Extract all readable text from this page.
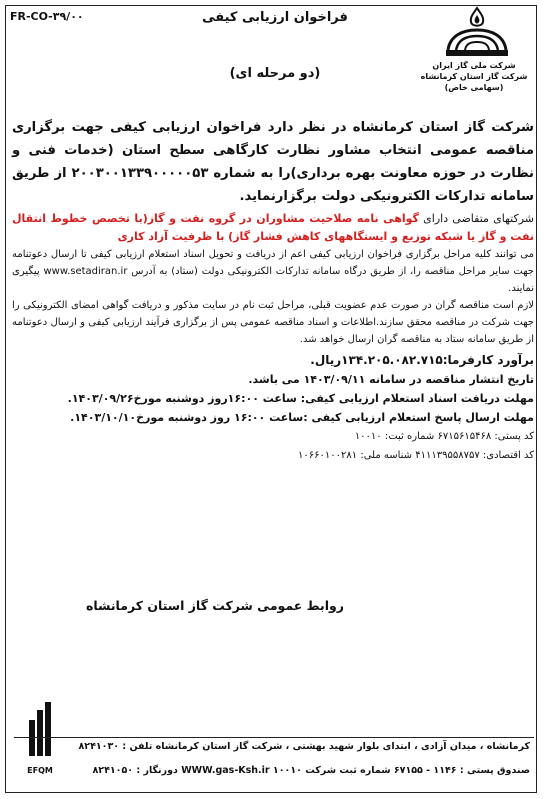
FR-CO-۳۹/۰۰	فراخوان ارزیابی کیفی
(دو مرحله ای)
شرکت ملی گاز ایران
شرکت گاز استان کرمانشاه
(سهامی خاص)

شرکت گاز استان کرمانشاه در نظر دارد فراخوان ارزیابی کیفی جهت برگزاری مناقصه عمومی انتخاب مشاور نظارت کارگاهی سطح استان (خدمات فنی و نظارت در حوزه معاونت بهره برداری)را به شماره ۲۰۰۳۰۰۱۳۳۹۰۰۰۰۰۵۳ از طریق سامانه تدارکات الکترونیکی دولت برگزارنماید.

شرکتهای متقاضی دارای گواهی نامه صلاحیت مشاوران در گروه نفت و گاز(با تخصص خطوط انتقال نفت و گاز یا شبکه توزیع و ایستگاههای کاهش فشار گاز) با ظرفیت آزاد کاری

می توانند کلیه مراحل برگزاری فراخوان ارزیابی کیفی اعم از دریافت و تحویل اسناد استعلام ارزیابی کیفی تا ارسال دعوتنامه جهت سایر مراحل مناقصه را، از طریق درگاه سامانه تدارکات الکترونیکی دولت (ستاد) به آدرس www.setadiran.ir پیگیری نمایند.

لازم است مناقصه گران در صورت عدم عضویت قبلی، مراحل ثبت نام در سایت مذکور و دریافت گواهی امضای الکترونیکی را جهت شرکت در مناقصه محقق سازند.اطلاعات و اسناد مناقصه عمومی پس از برگزاری فرآیند ارزیابی کیفی و ارسال دعوتنامه از طریق سامانه ستاد به مناقصه گران ارسال خواهد شد.

برآورد کارفرما:۱۳۴.۲۰۵.۰۸۲.۷۱۵ریال.

تاریخ انتشار مناقصه در سامانه ۱۴۰۳/۰۹/۱۱ می باشد.

مهلت دریافت اسناد استعلام ارزیابی کیفی: ساعت ۱۶:۰۰روز دوشنبه مورخ۱۴۰۳/۰۹/۲۶.

مهلت ارسال پاسخ استعلام ارزیابی کیفی :ساعت ۱۶:۰۰ روز دوشنبه مورخ۱۴۰۳/۱۰/۱۰.

کد پستی: ۶۷۱۵۶۱۵۴۶۸ شماره ثبت: ۱۰۰۱۰

کد اقتصادی: ۴۱۱۱۳۹۵۵۸۷۵۷ شناسه ملی: ۱۰۶۶۰۱۰۰۲۸۱

روابط عمومی شرکت گاز استان کرمانشاه
EFQM
کرمانشاه ، میدان آزادی ، ابتدای بلوار شهید بهشتی ، شرکت گاز استان کرمانشاه تلفن : ۸۲۴۱۰۳۰
صندوق پستی : ۱۱۴۶ - ۶۷۱۵۵ شماره ثبت شرکت ۱۰۰۱۰ WWW.gas-Ksh.ir دورنگار : ۸۲۴۱۰۵۰
